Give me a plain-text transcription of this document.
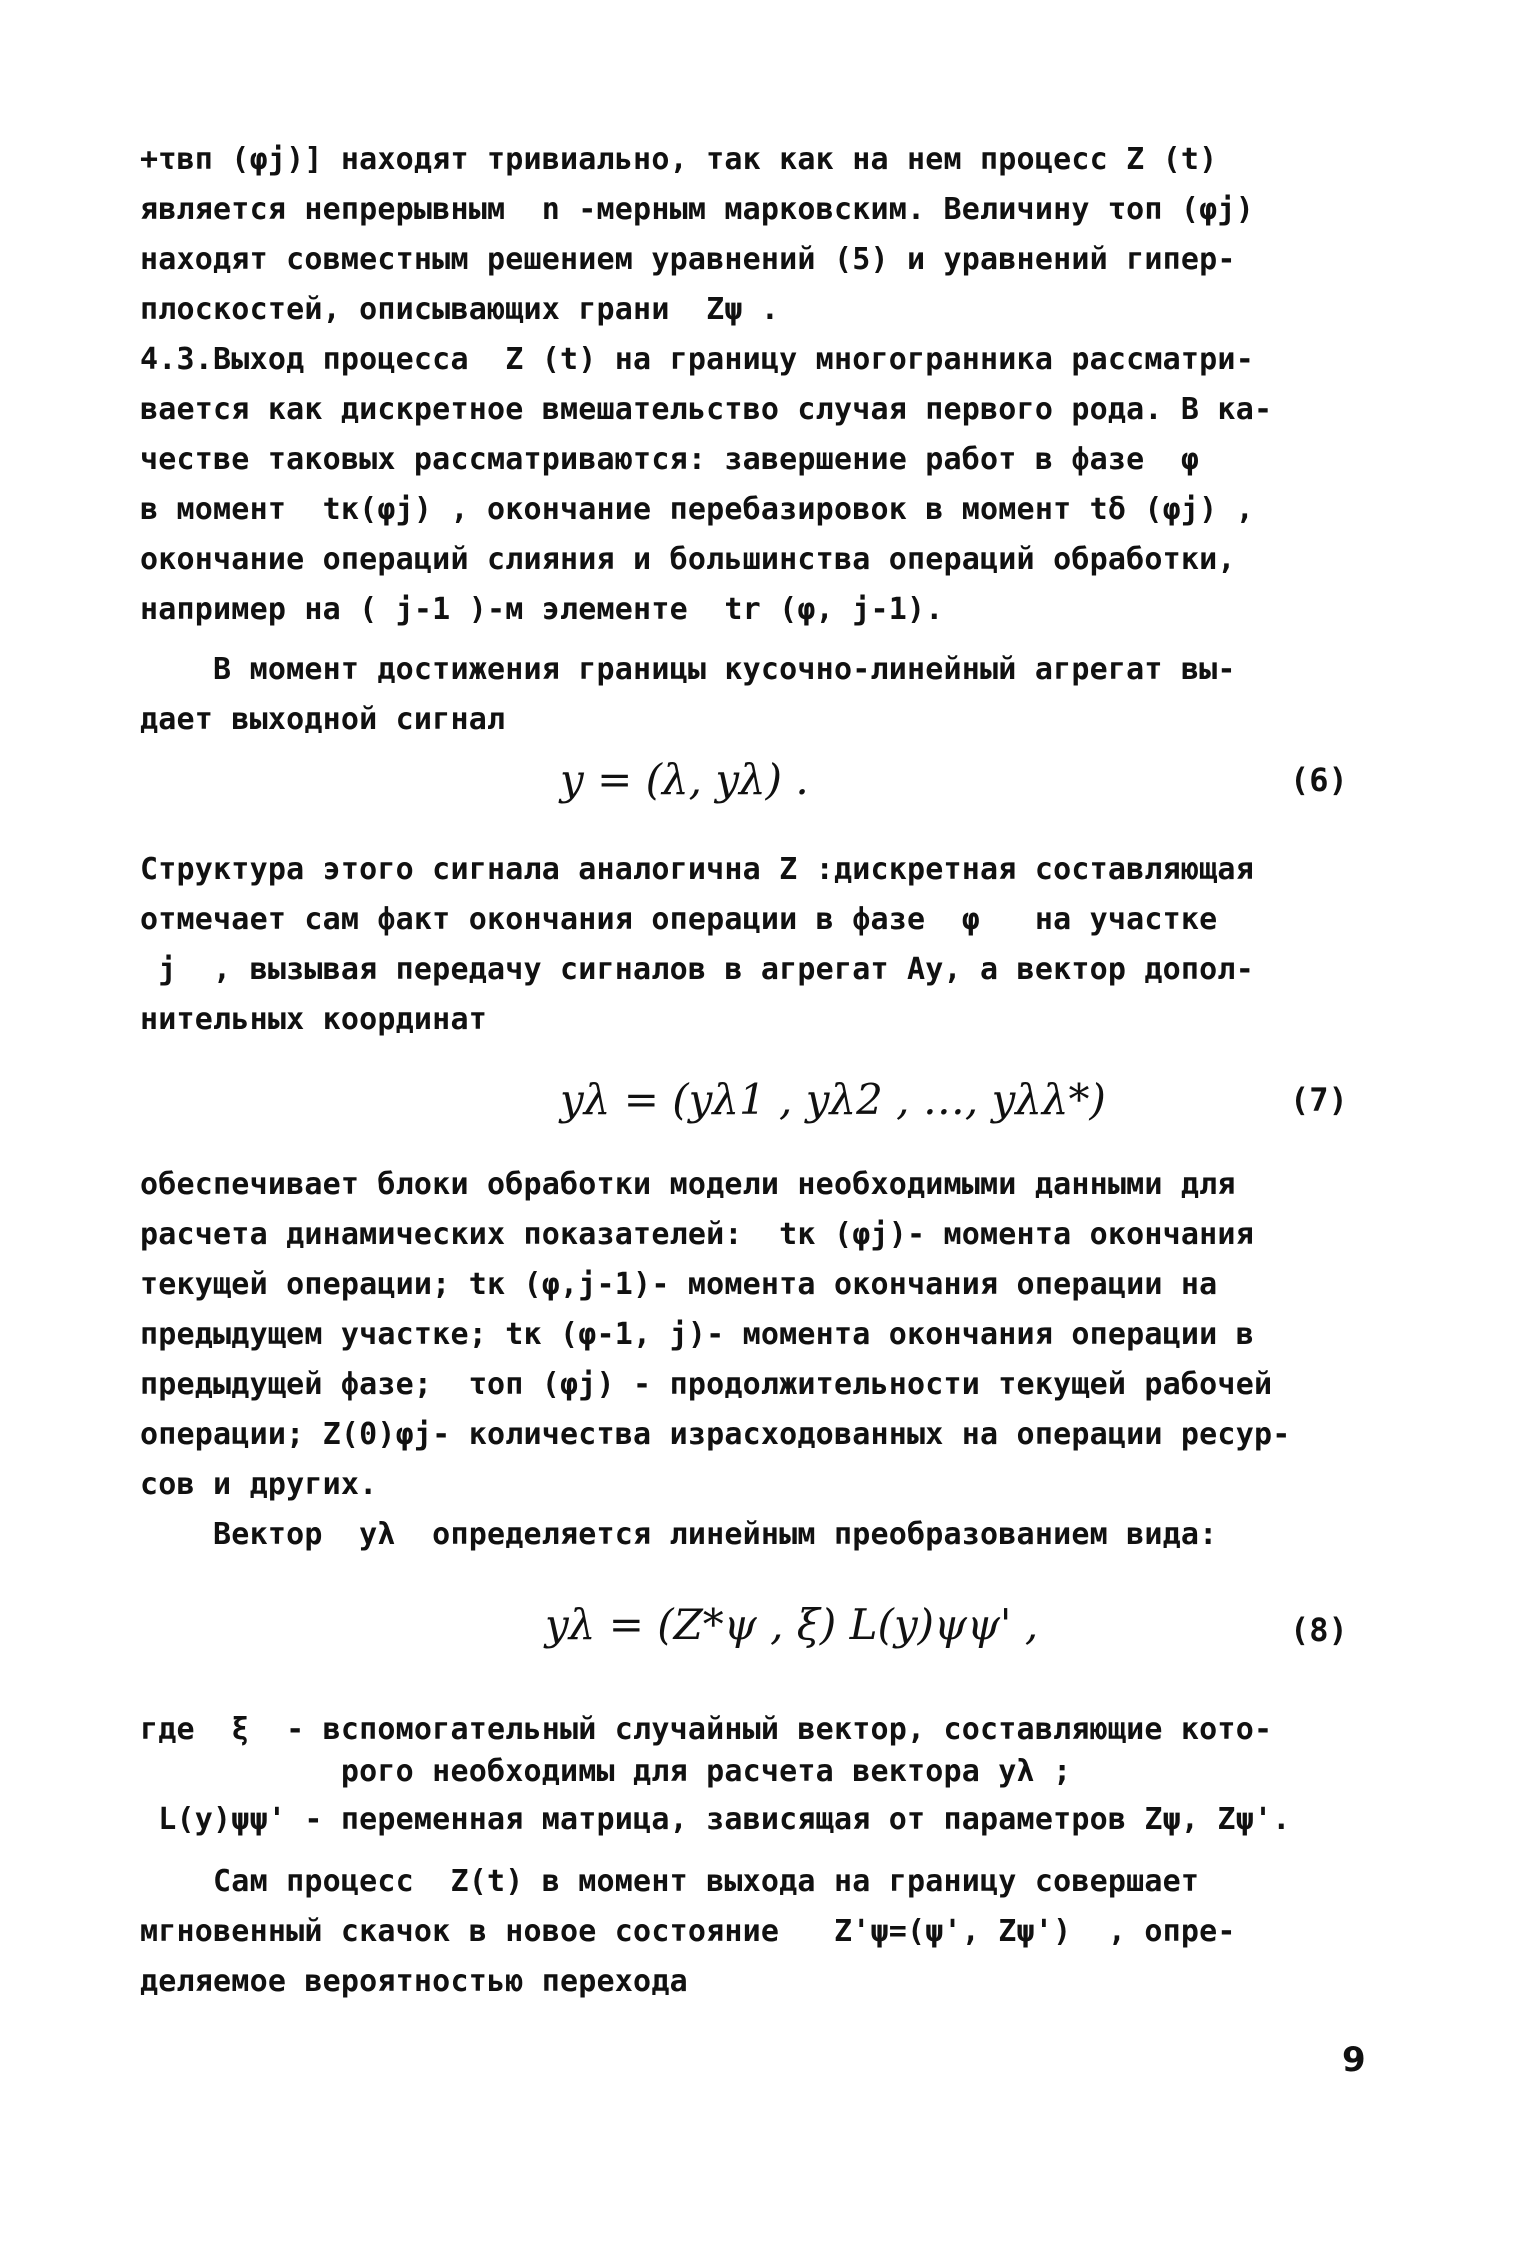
+τвп (φj)] находят тривиально, так как на нем процесс Z (t)
является непрерывным  n -мерным марковским. Величину τоп (φj)
находят совместным решением уравнений (5) и уравнений гипер-
плоскостей, описывающих грани  Zψ .
4.3.Выход процесса  Z (t) на границу многогранника рассматри-
вается как дискретное вмешательство случая первого рода. В ка-
честве таковых рассматриваются: завершение работ в фазе  φ
в момент  tк(φj) , окончание перебазировок в момент tδ (φj) ,
окончание операций слияния и большинства операций обработки,
например на ( j-1 )-м элементе  tr (φ, j-1).
В момент достижения границы кусочно-линейный агрегат вы-
дает выходной сигнал
y = (λ, yλ) .	(6)
Структура этого сигнала аналогична Z :дискретная составляющая
отмечает сам факт окончания операции в фазе  φ   на участке
j  , вызывая передачу сигналов в агрегат Aу, а вектор допол-
нительных координат
yλ = (yλ1 , yλ2 , …, yλλ*)	(7)
обеспечивает блоки обработки модели необходимыми данными для
расчета динамических показателей:  tк (φj)- момента окончания
текущей операции; tк (φ,j-1)- момента окончания операции на
предыдущем участке; tк (φ-1, j)- момента окончания операции в
предыдущей фазе;  τоп (φj) - продолжительности текущей рабочей
операции; Z(0)φj- количества израсходованных на операции ресур-
сов и других.
Вектор  yλ  определяется линейным преобразованием вида:
yλ = (Z*ψ , ξ) L(y)ψψ' ,	(8)
где  ξ  - вспомогательный случайный вектор, составляющие кото-
рого необходимы для расчета вектора yλ ;
L(y)ψψ' - переменная матрица, зависящая от параметров Zψ, Zψ'.
Сам процесс  Z(t) в момент выхода на границу совершает
мгновенный скачок в новое состояние   Z'ψ=(ψ', Zψ')  , опре-
деляемое вероятностью перехода
9
